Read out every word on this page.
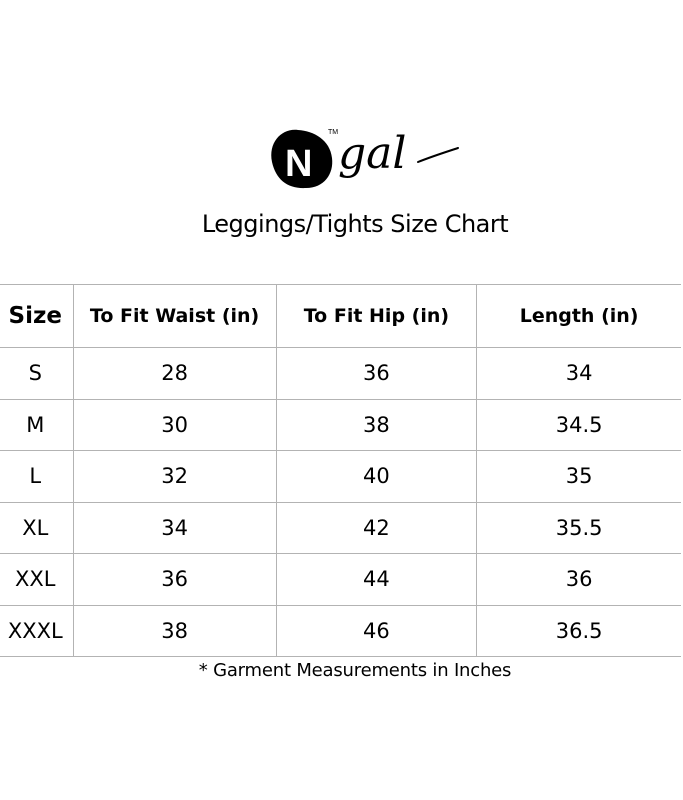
N
TM gal
Leggings/Tights Size Chart
Size	To Fit Waist (in)	To Fit Hip (in)	Length (in)
S	28	36	34
M	30	38	34.5
L	32	40	35
XL	34	42	35.5
XXL	36	44	36
XXXL	38	46	36.5
* Garment Measurements in Inches
